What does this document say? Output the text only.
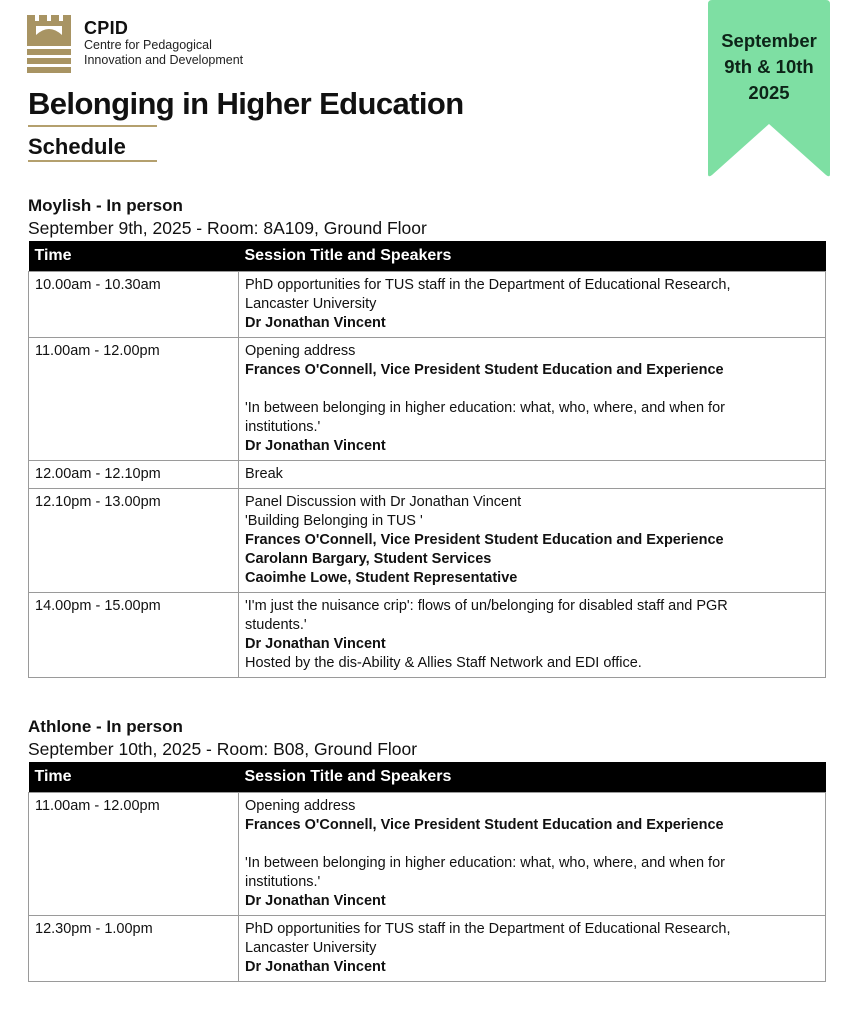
CPID
Centre for Pedagogical
Innovation and Development
Belonging in Higher Education
Schedule
September
9th & 10th
2025
Moylish - In person
September 9th, 2025 - Room: 8A109, Ground Floor
Time	Session Title and Speakers
10.00am - 10.30am	PhD opportunities for TUS staff in the Department of Educational Research,
Lancaster University
Dr Jonathan Vincent

11.00am - 12.00pm	Opening address
Frances O'Connell, Vice President Student Education and Experience
'In between belonging in higher education: what, who, where, and when for
institutions.'
Dr Jonathan Vincent

12.00am - 12.10pm	Break

12.10pm - 13.00pm	Panel Discussion with Dr Jonathan Vincent
'Building Belonging in TUS '
Frances O'Connell, Vice President Student Education and Experience
Carolann Bargary, Student Services
Caoimhe Lowe, Student Representative

14.00pm - 15.00pm	'I'm just the nuisance crip': flows of un/belonging for disabled staff and PGR
students.'
Dr Jonathan Vincent
Hosted by the dis-Ability & Allies Staff Network and EDI office.
Athlone - In person
September 10th, 2025 - Room: B08, Ground Floor
Time	Session Title and Speakers
11.00am - 12.00pm	Opening address
Frances O'Connell, Vice President Student Education and Experience
'In between belonging in higher education: what, who, where, and when for
institutions.'
Dr Jonathan Vincent

12.30pm - 1.00pm	PhD opportunities for TUS staff in the Department of Educational Research,
Lancaster University
Dr Jonathan Vincent
